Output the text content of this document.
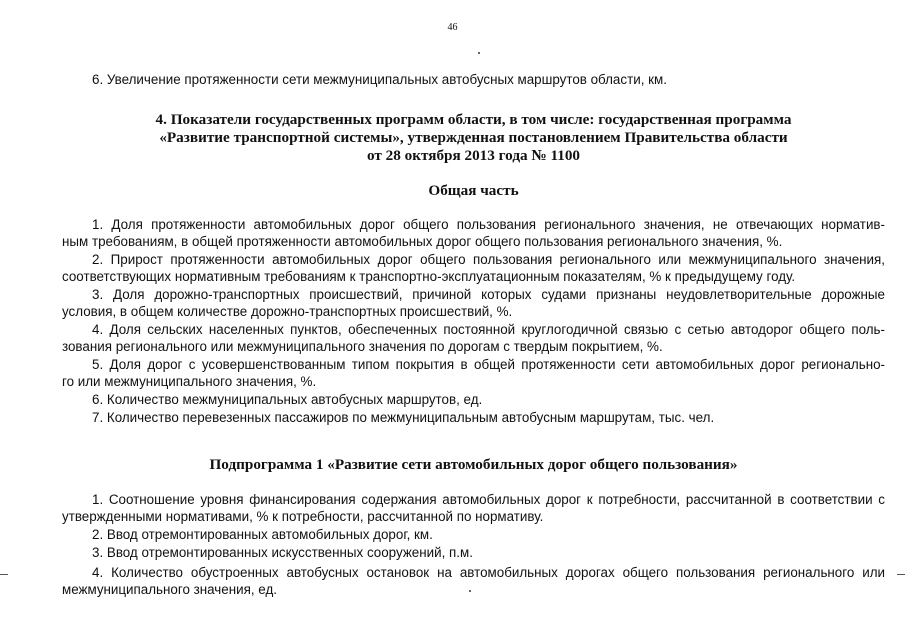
46
6. Увеличение протяженности сети межмуниципальных автобусных маршрутов области, км.
4. Показатели государственных программ области, в том числе: государственная программа
«Развитие транспортной системы», утвержденная постановлением Правительства области
от 28 октября 2013 года № 1100
Общая часть
1. Доля протяженности автомобильных дорог общего пользования регионального значения, не отвечающих норматив-
ным требованиям, в общей протяженности автомобильных дорог общего пользования регионального значения, %.
2. Прирост протяженности автомобильных дорог общего пользования регионального или межмуниципального значения,
соответствующих нормативным требованиям к транспортно-эксплуатационным показателям, % к предыдущему году.
3. Доля дорожно-транспортных происшествий, причиной которых судами признаны неудовлетворительные дорожные
условия, в общем количестве дорожно-транспортных происшествий, %.
4. Доля сельских населенных пунктов, обеспеченных постоянной круглогодичной связью с сетью автодорог общего поль-
зования регионального или межмуниципального значения по дорогам с твердым покрытием, %.
5. Доля дорог с усовершенствованным типом покрытия в общей протяженности сети автомобильных дорог регионально-
го или межмуниципального значения, %.
6. Количество межмуниципальных автобусных маршрутов, ед.
7. Количество перевезенных пассажиров по межмуниципальным автобусным маршрутам, тыс. чел.
Подпрограмма 1 «Развитие сети автомобильных дорог общего пользования»
1. Соотношение уровня финансирования содержания автомобильных дорог к потребности, рассчитанной в соответствии с
утвержденными нормативами, % к потребности, рассчитанной по нормативу.
2. Ввод отремонтированных автомобильных дорог, км.
3. Ввод отремонтированных искусственных сооружений, п.м.
4. Количество обустроенных автобусных остановок на автомобильных дорогах общего пользования регионального или
межмуниципального значения, ед.
